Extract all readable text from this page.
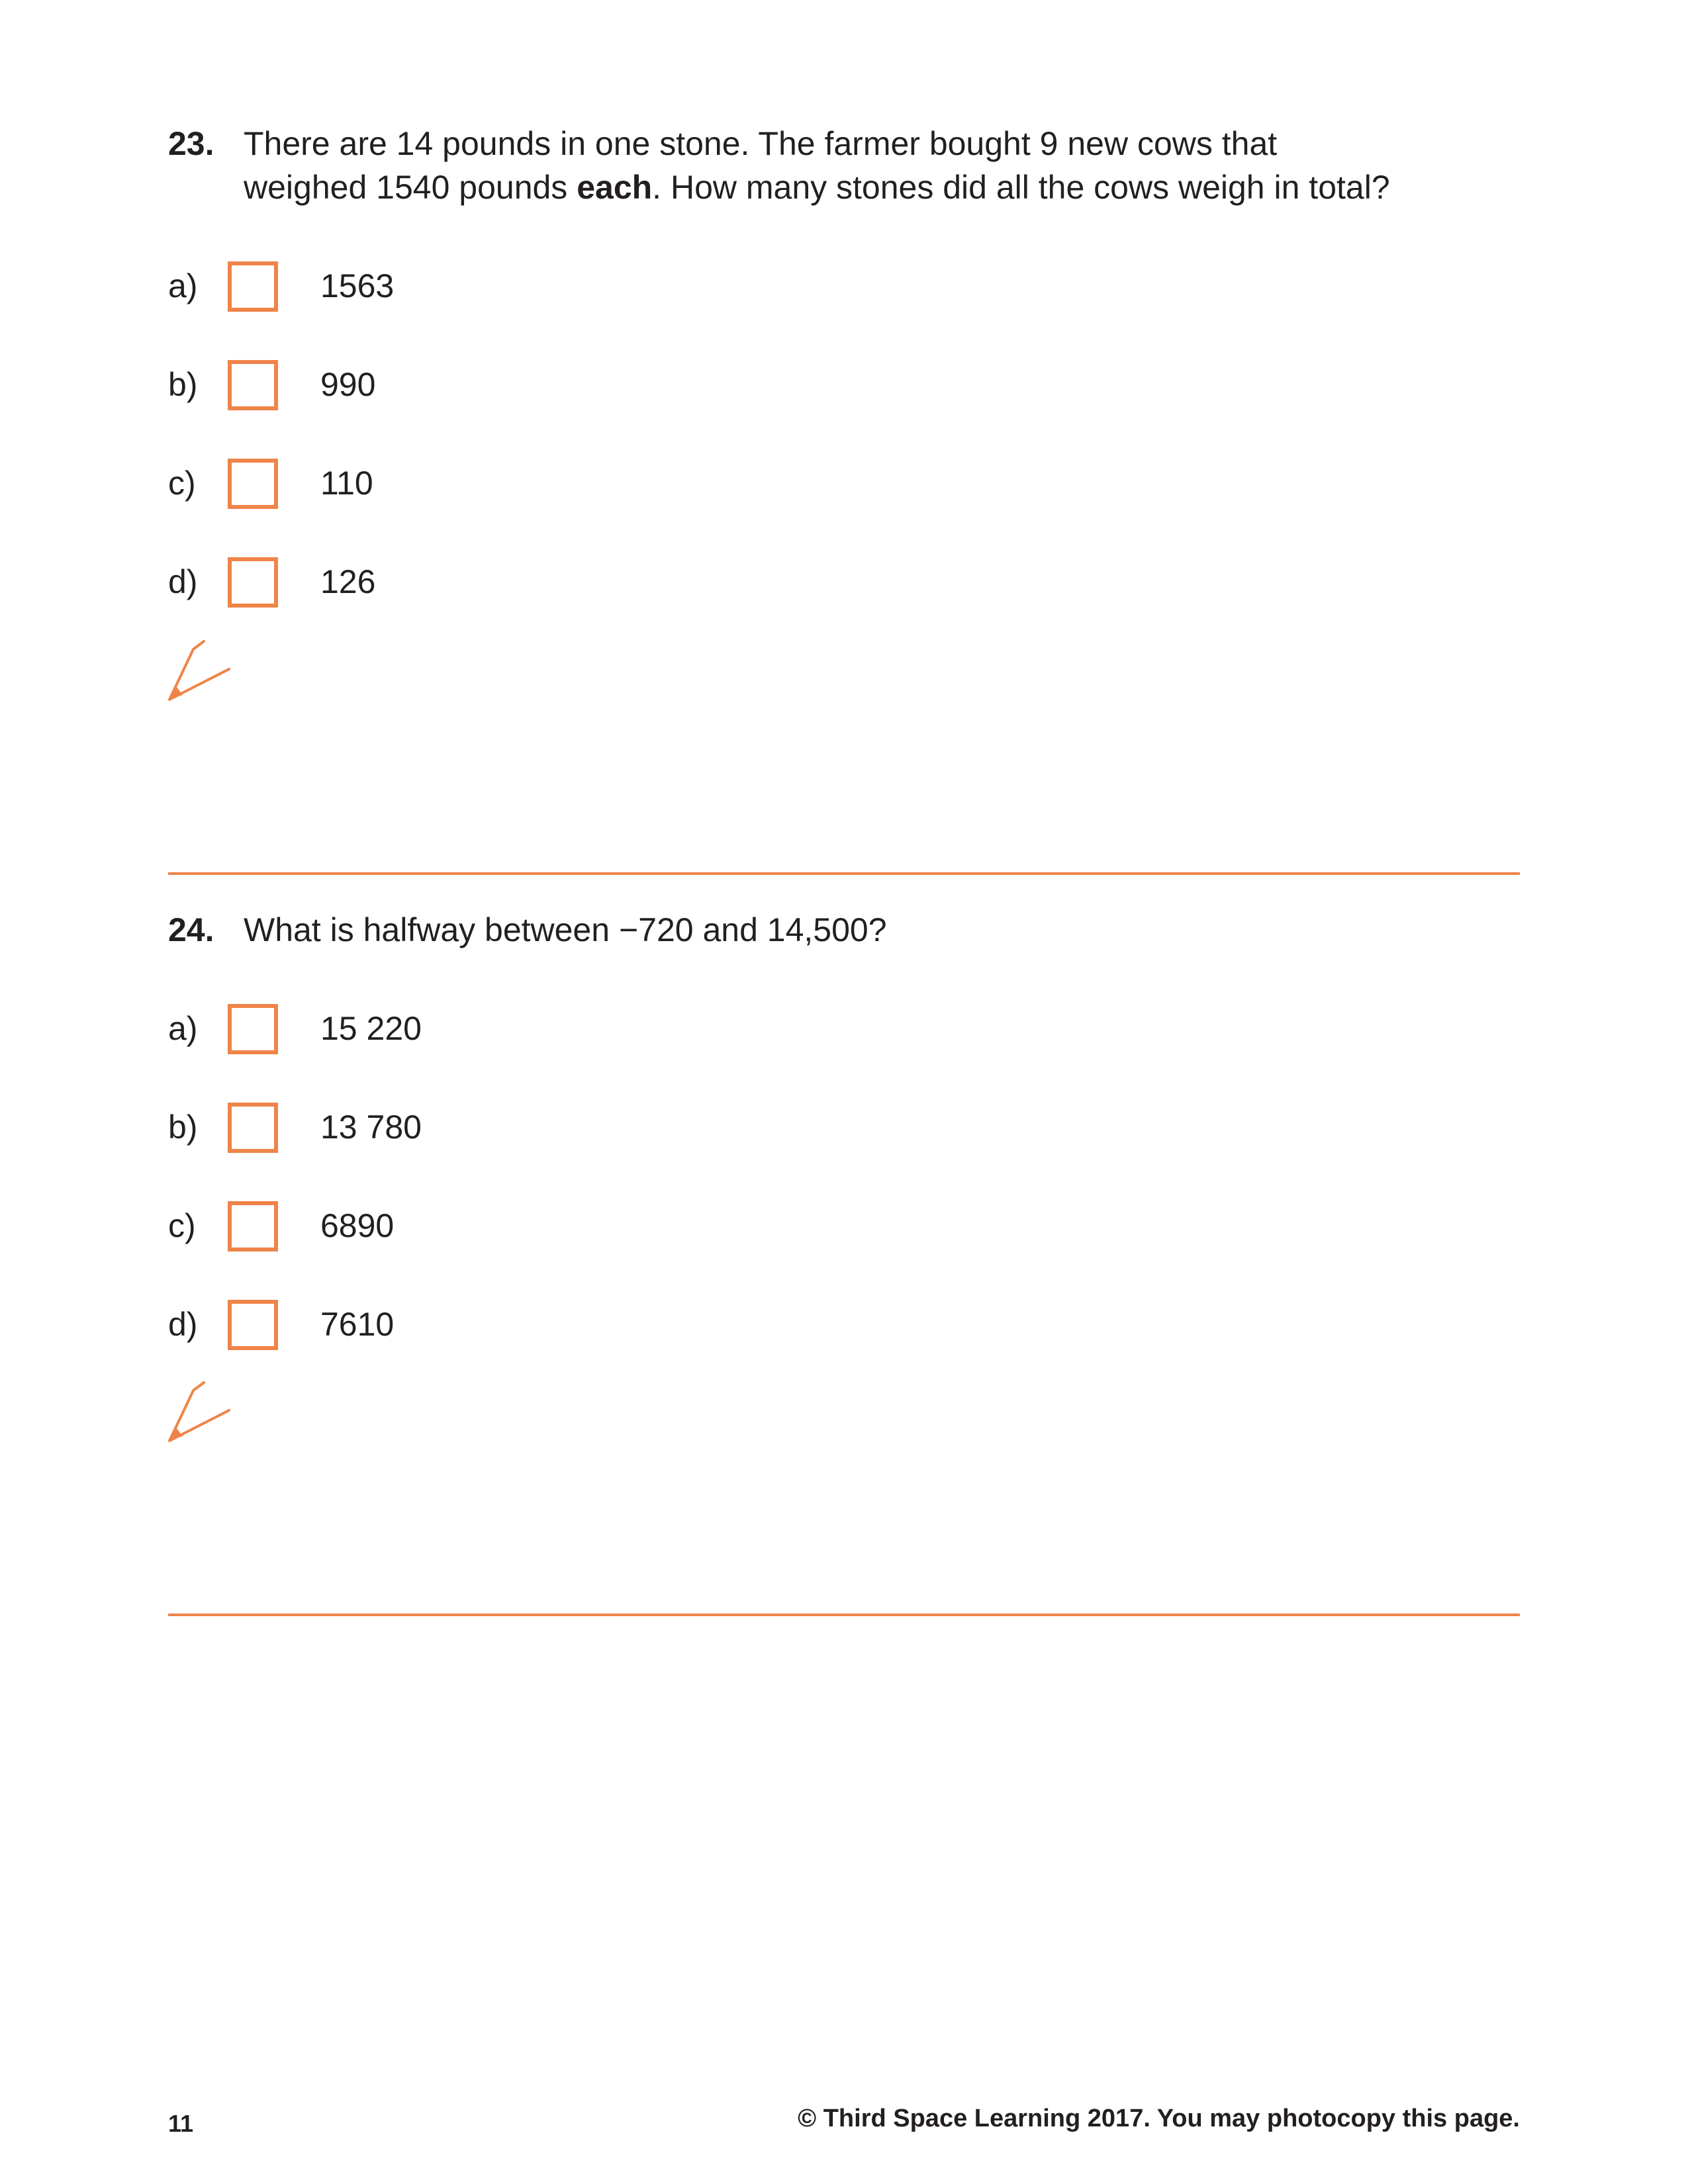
23. There are 14 pounds in one stone. The farmer bought 9 new cows that
weighed 1540 pounds each. How many stones did all the cows weigh in total?
a)	1563
b)	990
c)	110
d)	126
24. What is halfway between −720 and 14,500?
a)	15 220
b)	13 780
c)	6890
d)	7610
11	© Third Space Learning 2017. You may photocopy this page.
